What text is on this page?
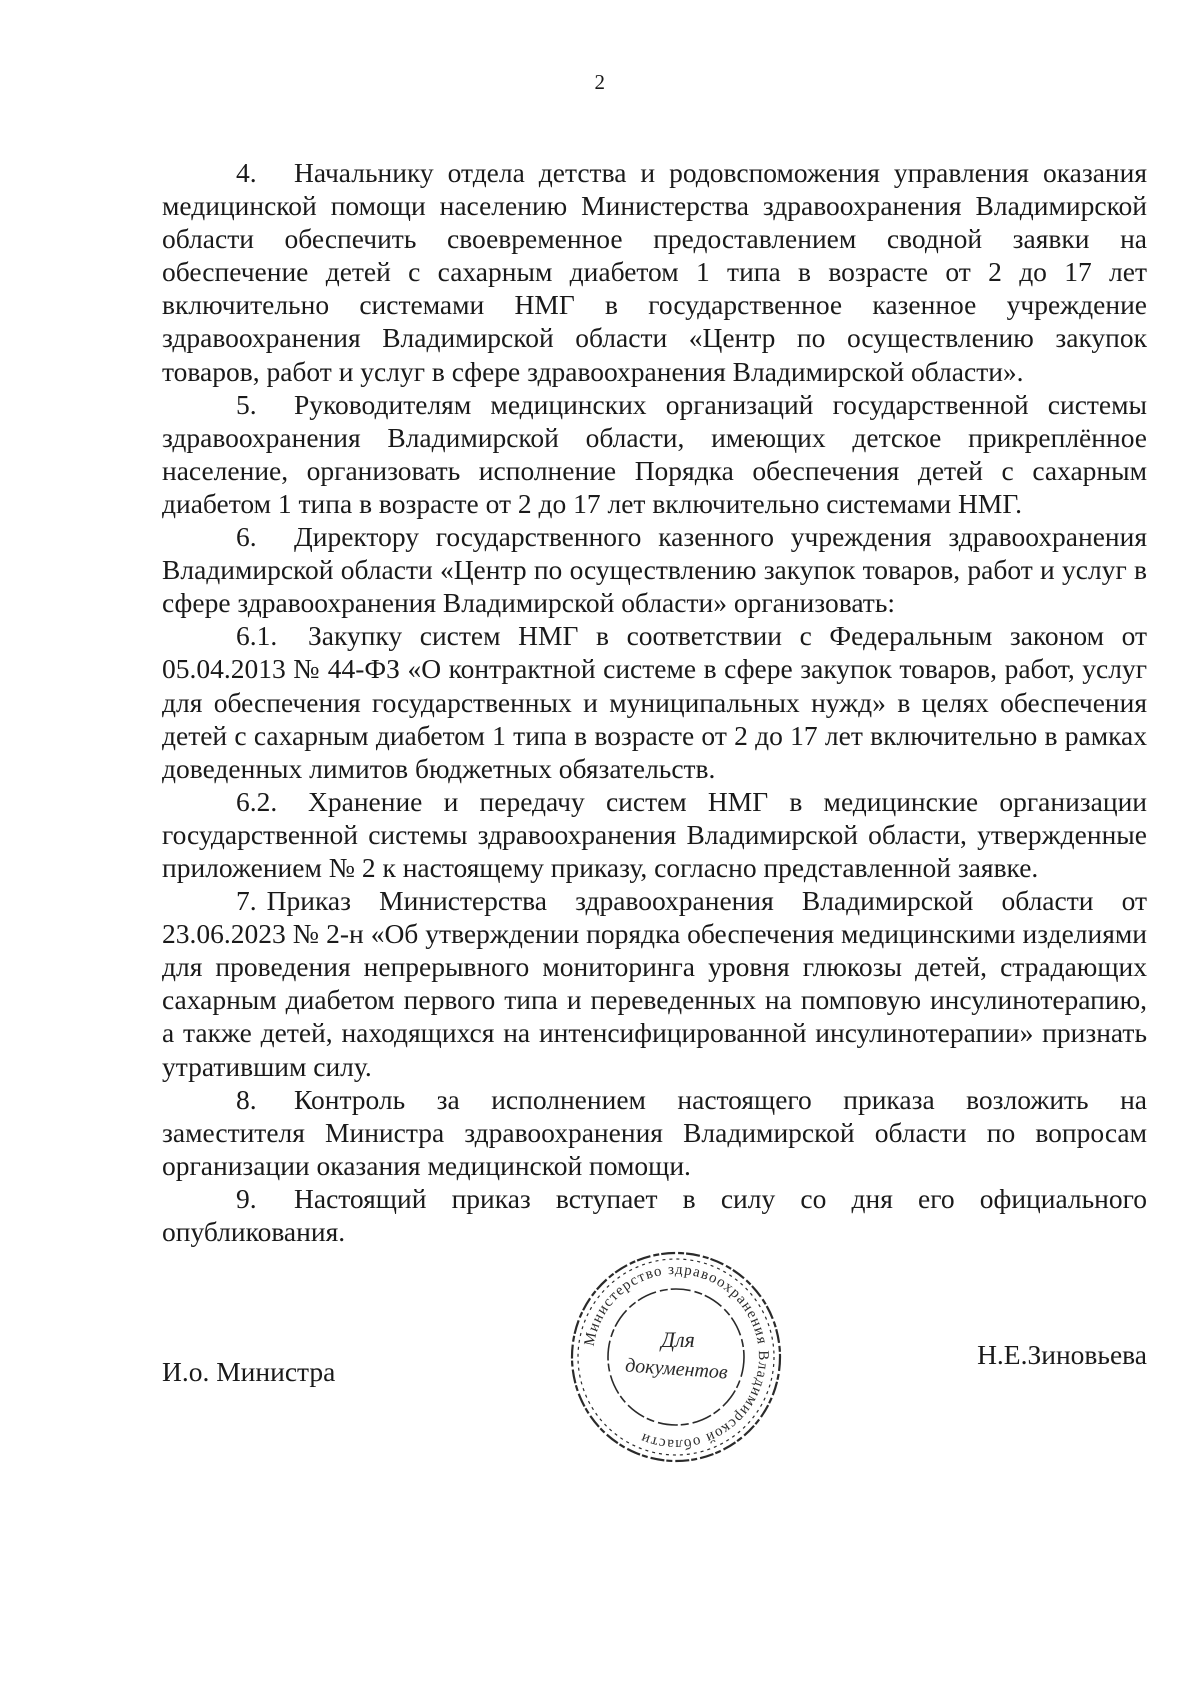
2

4. Начальнику отдела детства и родовспоможения управления оказания медицинской помощи населению Министерства здравоохранения Владимирской области обеспечить своевременное предоставлением сводной заявки на обеспечение детей с сахарным диабетом 1 типа в возрасте от 2 до 17 лет включительно системами НМГ в государственное казенное учреждение здравоохранения Владимирской области «Центр по осуществлению закупок товаров, работ и услуг в сфере здравоохранения Владимирской области».

5. Руководителям медицинских организаций государственной системы здравоохранения Владимирской области, имеющих детское прикреплённое население, организовать исполнение Порядка обеспечения детей с сахарным диабетом 1 типа в возрасте от 2 до 17 лет включительно системами НМГ.

6. Директору государственного казенного учреждения здравоохранения Владимирской области «Центр по осуществлению закупок товаров, работ и услуг в сфере здравоохранения Владимирской области» организовать:

6.1. Закупку систем НМГ в соответствии с Федеральным законом от 05.04.2013 № 44-ФЗ «О контрактной системе в сфере закупок товаров, работ, услуг для обеспечения государственных и муниципальных нужд» в целях обеспечения детей с сахарным диабетом 1 типа в возрасте от 2 до 17 лет включительно в рамках доведенных лимитов бюджетных обязательств.

6.2. Хранение и передачу систем НМГ в медицинские организации государственной системы здравоохранения Владимирской области, утвержденные приложением № 2 к настоящему приказу, согласно представленной заявке.

7. Приказ Министерства здравоохранения Владимирской области от 23.06.2023 № 2-н «Об утверждении порядка обеспечения медицинскими изделиями для проведения непрерывного мониторинга уровня глюкозы детей, страдающих сахарным диабетом первого типа и переведенных на помповую инсулинотерапию, а также детей, находящихся на интенсифицированной инсулинотерапии» признать утратившим силу.

8. Контроль за исполнением настоящего приказа возложить на заместителя Министра здравоохранения Владимирской области по вопросам организации оказания медицинской помощи.

9. Настоящий приказ вступает в силу со дня его официального опубликования.

И.о. Министра
Н.Е.Зиновьева
Министерство здравоохранения Владимирской области
Для
документов
